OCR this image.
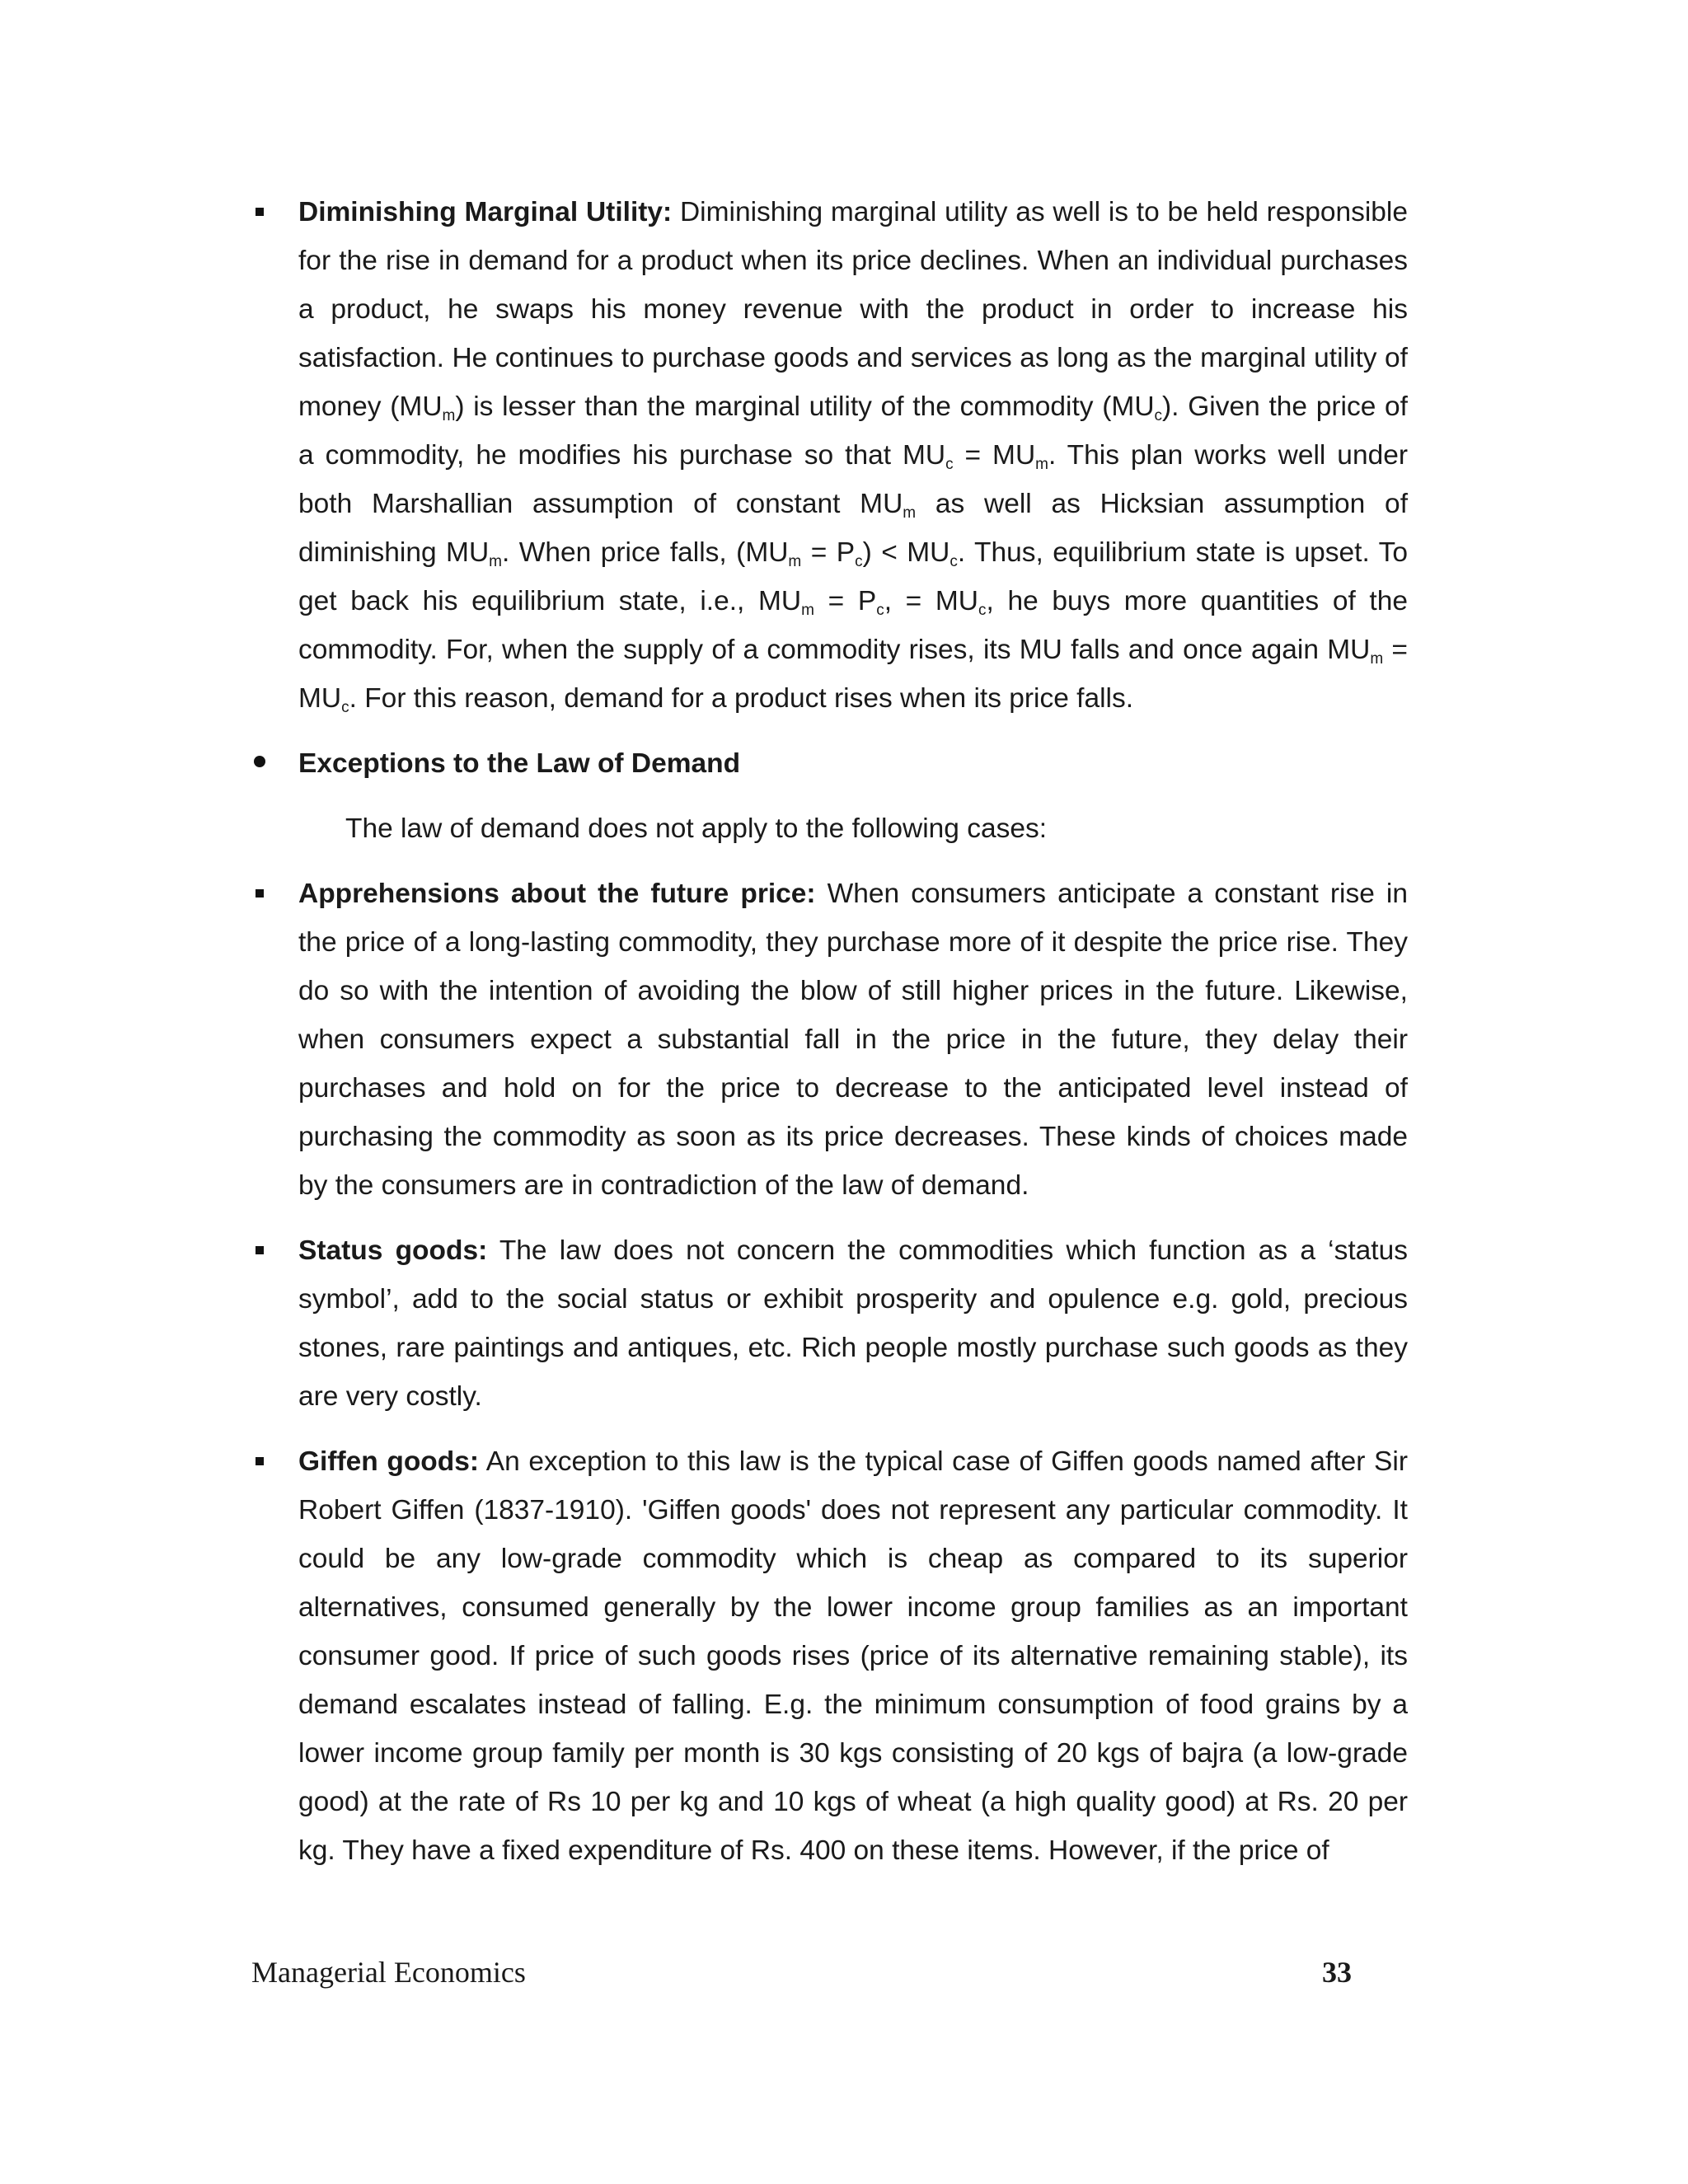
Diminishing Marginal Utility: Diminishing marginal utility as well is to be held responsible for the rise in demand for a product when its price declines. When an individual purchases a product, he swaps his money revenue with the product in order to increase his satisfaction. He continues to purchase goods and services as long as the marginal utility of money $(MU_m)$ is lesser than the marginal utility of the commodity $(MU_c)$. Given the price of a commodity, he modifies his purchase so that $MU_c = MU_m$. This plan works well under both Marshallian assumption of constant $MU_m$ as well as Hicksian assumption of diminishing $MU_m$. When price falls, $(MU_m = P_c) < MU_c$. Thus, equilibrium state is upset. To get back his equilibrium state, i.e., $MU_m = P_c$, = $MU_c$, he buys more quantities of the commodity. For, when the supply of a commodity rises, its MU falls and once again $MU_m = MU_c$. For this reason, demand for a product rises when its price falls.

Exceptions to the Law of Demand

The law of demand does not apply to the following cases:

Apprehensions about the future price: When consumers anticipate a constant rise in the price of a long-lasting commodity, they purchase more of it despite the price rise. They do so with the intention of avoiding the blow of still higher prices in the future. Likewise, when consumers expect a substantial fall in the price in the future, they delay their purchases and hold on for the price to decrease to the anticipated level instead of purchasing the commodity as soon as its price decreases. These kinds of choices made by the consumers are in contradiction of the law of demand.

Status goods: The law does not concern the commodities which function as a ‘status symbol’, add to the social status or exhibit prosperity and opulence e.g. gold, precious stones, rare paintings and antiques, etc. Rich people mostly purchase such goods as they are very costly.

Giffen goods: An exception to this law is the typical case of Giffen goods named after Sir Robert Giffen (1837-1910). 'Giffen goods' does not represent any particular commodity. It could be any low-grade commodity which is cheap as compared to its superior alternatives, consumed generally by the lower income group families as an important consumer good. If price of such goods rises (price of its alternative remaining stable), its demand escalates instead of falling. E.g. the minimum consumption of food grains by a lower income group family per month is 30 kgs consisting of 20 kgs of bajra (a low-grade good) at the rate of Rs 10 per kg and 10 kgs of wheat (a high quality good) at Rs. 20 per kg. They have a fixed expenditure of Rs. 400 on these items. However, if the price of

Managerial Economics	33
